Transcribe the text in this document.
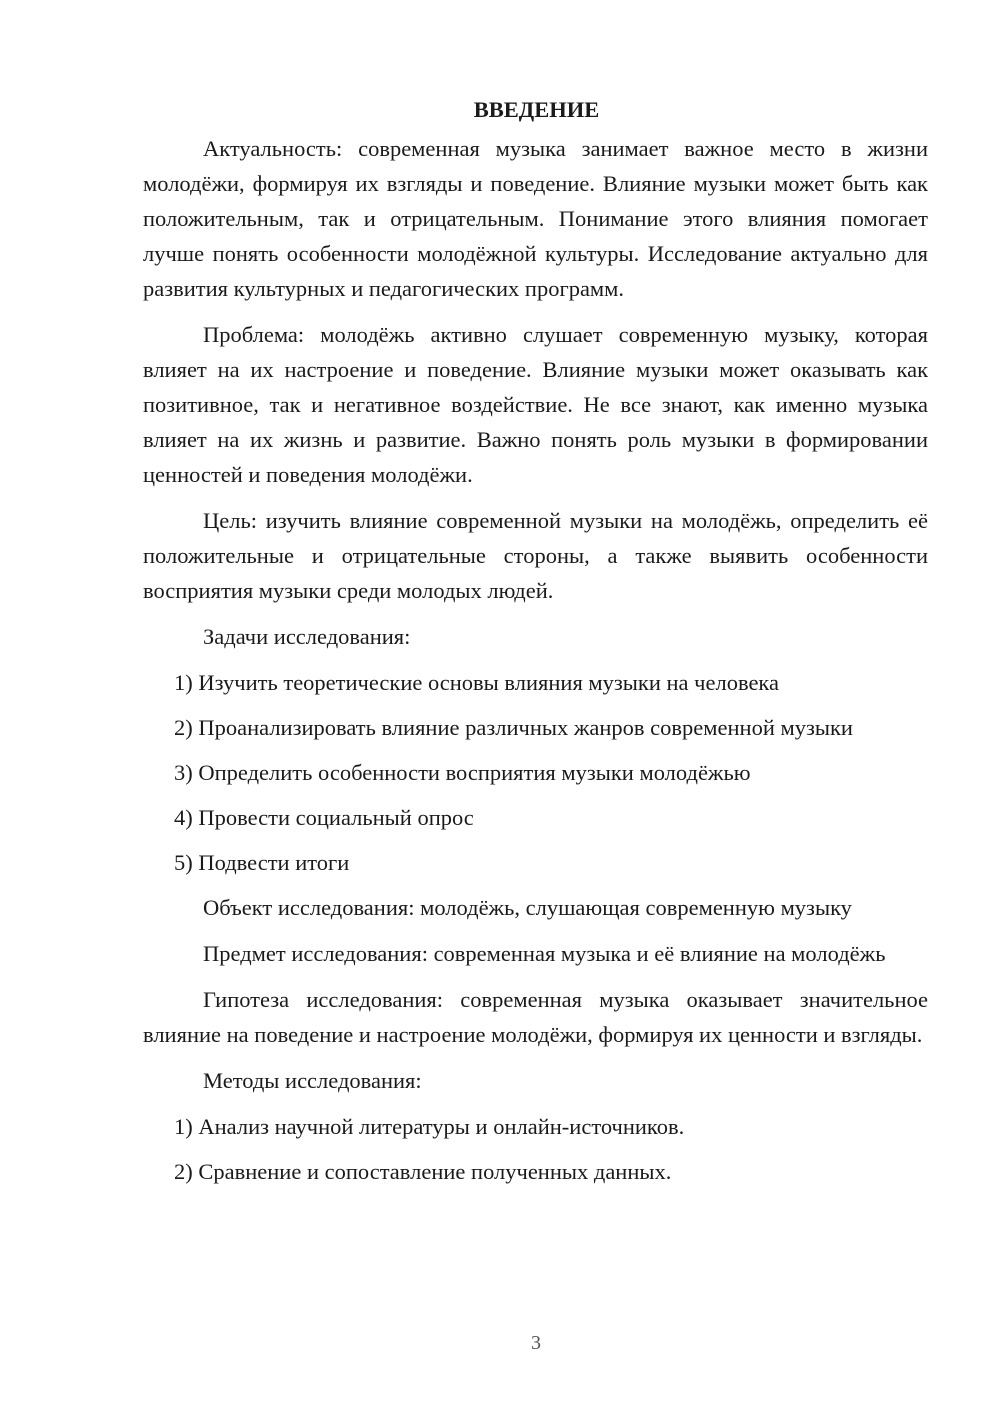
ВВЕДЕНИЕ

Актуальность: современная музыка занимает важное место в жизни молодёжи, формируя их взгляды и поведение. Влияние музыки может быть как положительным, так и отрицательным. Понимание этого влияния помогает лучше понять особенности молодёжной культуры. Исследование актуально для развития культурных и педагогических программ.

Проблема: молодёжь активно слушает современную музыку, которая влияет на их настроение и поведение. Влияние музыки может оказывать как позитивное, так и негативное воздействие. Не все знают, как именно музыка влияет на их жизнь и развитие. Важно понять роль музыки в формировании ценностей и поведения молодёжи.

Цель: изучить влияние современной музыки на молодёжь, определить её положительные и отрицательные стороны, а также выявить особенности восприятия музыки среди молодых людей.

Задачи исследования:

1) Изучить теоретические основы влияния музыки на человека

2) Проанализировать влияние различных жанров современной музыки

3) Определить особенности восприятия музыки молодёжью

4) Провести социальный опрос

5) Подвести итоги

Объект исследования: молодёжь, слушающая современную музыку

Предмет исследования: современная музыка и её влияние на молодёжь

Гипотеза исследования: современная музыка оказывает значительное влияние на поведение и настроение молодёжи, формируя их ценности и взгляды.

Методы исследования:

1) Анализ научной литературы и онлайн-источников.

2) Сравнение и сопоставление полученных данных.

3
